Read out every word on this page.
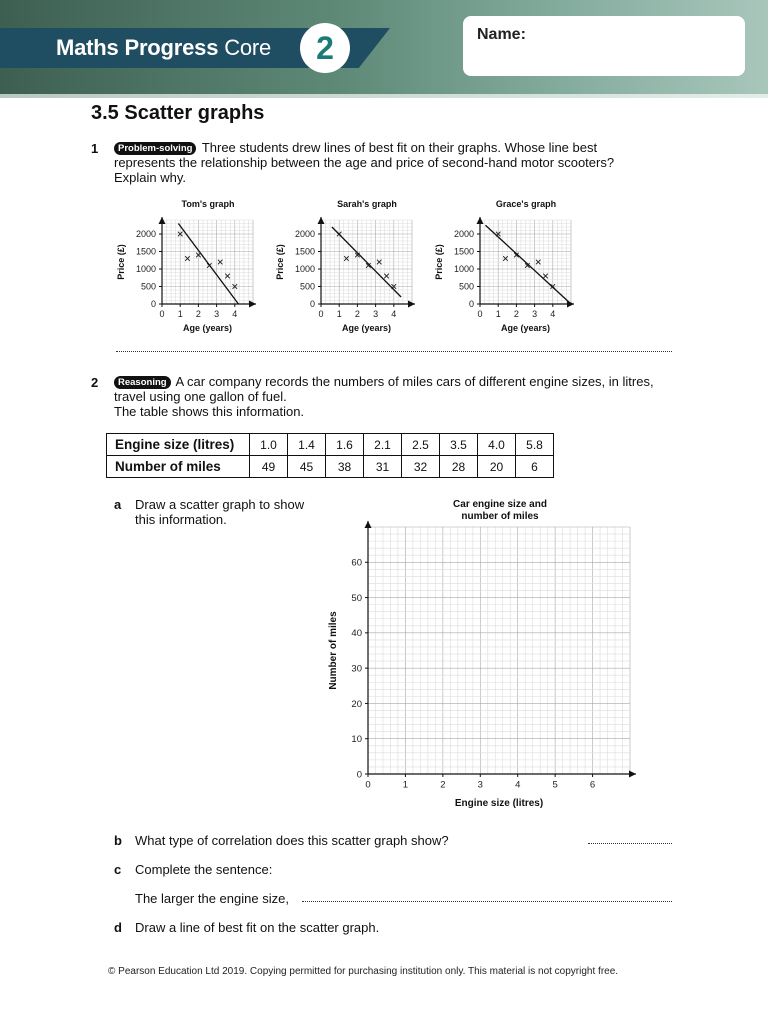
Maths Progress Core	2	Name:
3.5 Scatter graphs
1	Problem-solving Three students drew lines of best fit on their graphs. Whose line best
represents the relationship between the age and price of second-hand motor scooters?
Explain why.
0 1 2 3 4
0
500
1000
1500
2000
Tom's graph
Age (years)
Price (£)
0 1 2 3 4
0
500
1000
1500
2000
Sarah's graph
Age (years)
Price (£)
0 1 2 3 4
0
500
1000
1500
2000
Grace's graph
Age (years)
Price (£)
2	Reasoning A car company records the numbers of miles cars of different engine sizes, in litres,
travel using one gallon of fuel.
The table shows this information.
Engine size (litres)	1.0	1.4	1.6	2.1	2.5	3.5	4.0	5.8
Number of miles	49	45	38	31	32	28	20	6
a Draw a scatter graph to show
this information.
0	1	2	3	4	5	6
0
10
20
30
40
50
60
Car engine size and
number of miles
Engine size (litres)
Number of miles
b What type of correlation does this scatter graph show?
c Complete the sentence:
The larger the engine size,
d Draw a line of best fit on the scatter graph.
© Pearson Education Ltd 2019. Copying permitted for purchasing institution only. This material is not copyright free.
